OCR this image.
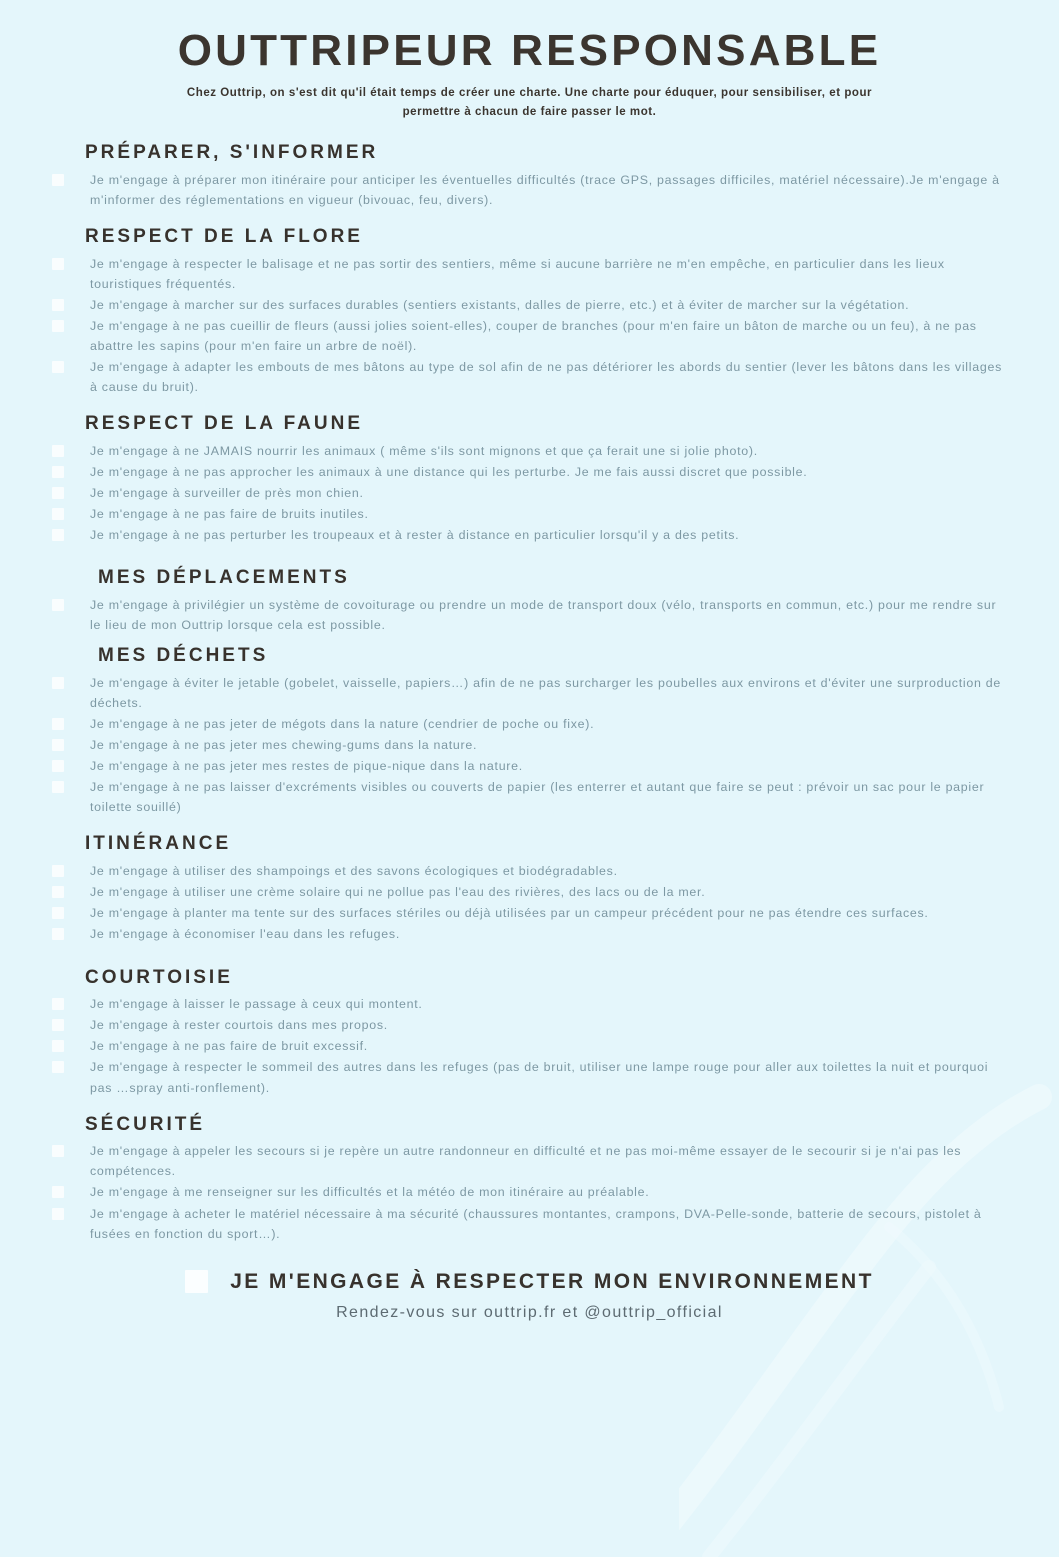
OUTTRIPEUR RESPONSABLE
Chez Outtrip, on s'est dit qu'il était temps de créer une charte. Une charte pour éduquer, pour sensibiliser, et pour permettre à chacun de faire passer le mot.
PRÉPARER, S'INFORMER
Je m'engage à préparer mon itinéraire pour anticiper les éventuelles difficultés (trace GPS, passages difficiles, matériel nécessaire).Je m'engage à m'informer des réglementations en vigueur (bivouac, feu, divers).
RESPECT DE LA FLORE
Je m'engage à respecter le balisage et ne pas sortir des sentiers, même si aucune barrière ne m'en empêche, en particulier dans les lieux touristiques fréquentés.
Je m'engage à marcher sur des surfaces durables (sentiers existants, dalles de pierre, etc.) et à éviter de marcher sur la végétation.
Je m'engage à ne pas cueillir de fleurs (aussi jolies soient-elles), couper de branches (pour m'en faire un bâton de marche ou un feu), à ne pas abattre les sapins (pour m'en faire un arbre de noël).
Je m'engage à adapter les embouts de mes bâtons au type de sol afin de ne pas détériorer les abords du sentier (lever les bâtons dans les villages à cause du bruit).
RESPECT DE LA FAUNE
Je m'engage à ne JAMAIS nourrir les animaux ( même s'ils sont mignons et que ça ferait une si jolie photo).
Je m'engage à ne pas approcher les animaux à une distance qui les perturbe. Je me fais aussi discret que possible.
Je m'engage à surveiller de près mon chien.
Je m'engage à ne pas faire de bruits inutiles.
Je m'engage à ne pas perturber les troupeaux et à rester à distance en particulier lorsqu'il y a des petits.
MES DÉPLACEMENTS
Je m'engage à privilégier un système de covoiturage ou prendre un mode de transport doux (vélo, transports en commun, etc.) pour me rendre sur le lieu de mon Outtrip lorsque cela est possible.
MES DÉCHETS
Je m'engage à éviter le jetable (gobelet, vaisselle, papiers…) afin de ne pas surcharger les poubelles aux environs et d'éviter une surproduction de déchets.
Je m'engage à ne pas jeter de mégots dans la nature (cendrier de poche ou fixe).
Je m'engage à ne pas jeter mes chewing-gums dans la nature.
Je m'engage à ne pas jeter mes restes de pique-nique dans la nature.
Je m'engage à ne pas laisser d'excréments visibles ou couverts de papier (les enterrer et autant que faire se peut : prévoir un sac pour le papier toilette souillé)
ITINÉRANCE
Je m'engage à utiliser des shampoings et des savons écologiques et biodégradables.
Je m'engage à utiliser une crème solaire qui ne pollue pas l'eau des rivières, des lacs ou de la mer.
Je m'engage à planter ma tente sur des surfaces stériles ou déjà utilisées par un campeur précédent pour ne pas étendre ces surfaces.
Je m'engage à économiser l'eau dans les refuges.
COURTOISIE
Je m'engage à laisser le passage à ceux qui montent.
Je m'engage à rester courtois dans mes propos.
Je m'engage à ne pas faire de bruit excessif.
Je m'engage à respecter le sommeil des autres dans les refuges (pas de bruit, utiliser une lampe rouge pour aller aux toilettes la nuit et pourquoi pas …spray anti-ronflement).
SÉCURITÉ
Je m'engage à appeler les secours si je repère un autre randonneur en difficulté et ne pas moi-même essayer de le secourir si je n'ai pas les compétences.
Je m'engage à me renseigner sur les difficultés et la météo de mon itinéraire au préalable.
Je m'engage à acheter le matériel nécessaire à ma sécurité (chaussures montantes, crampons, DVA-Pelle-sonde, batterie de secours, pistolet à fusées en fonction du sport…).
JE M'ENGAGE À RESPECTER MON ENVIRONNEMENT
Rendez-vous sur outtrip.fr et @outtrip_official
